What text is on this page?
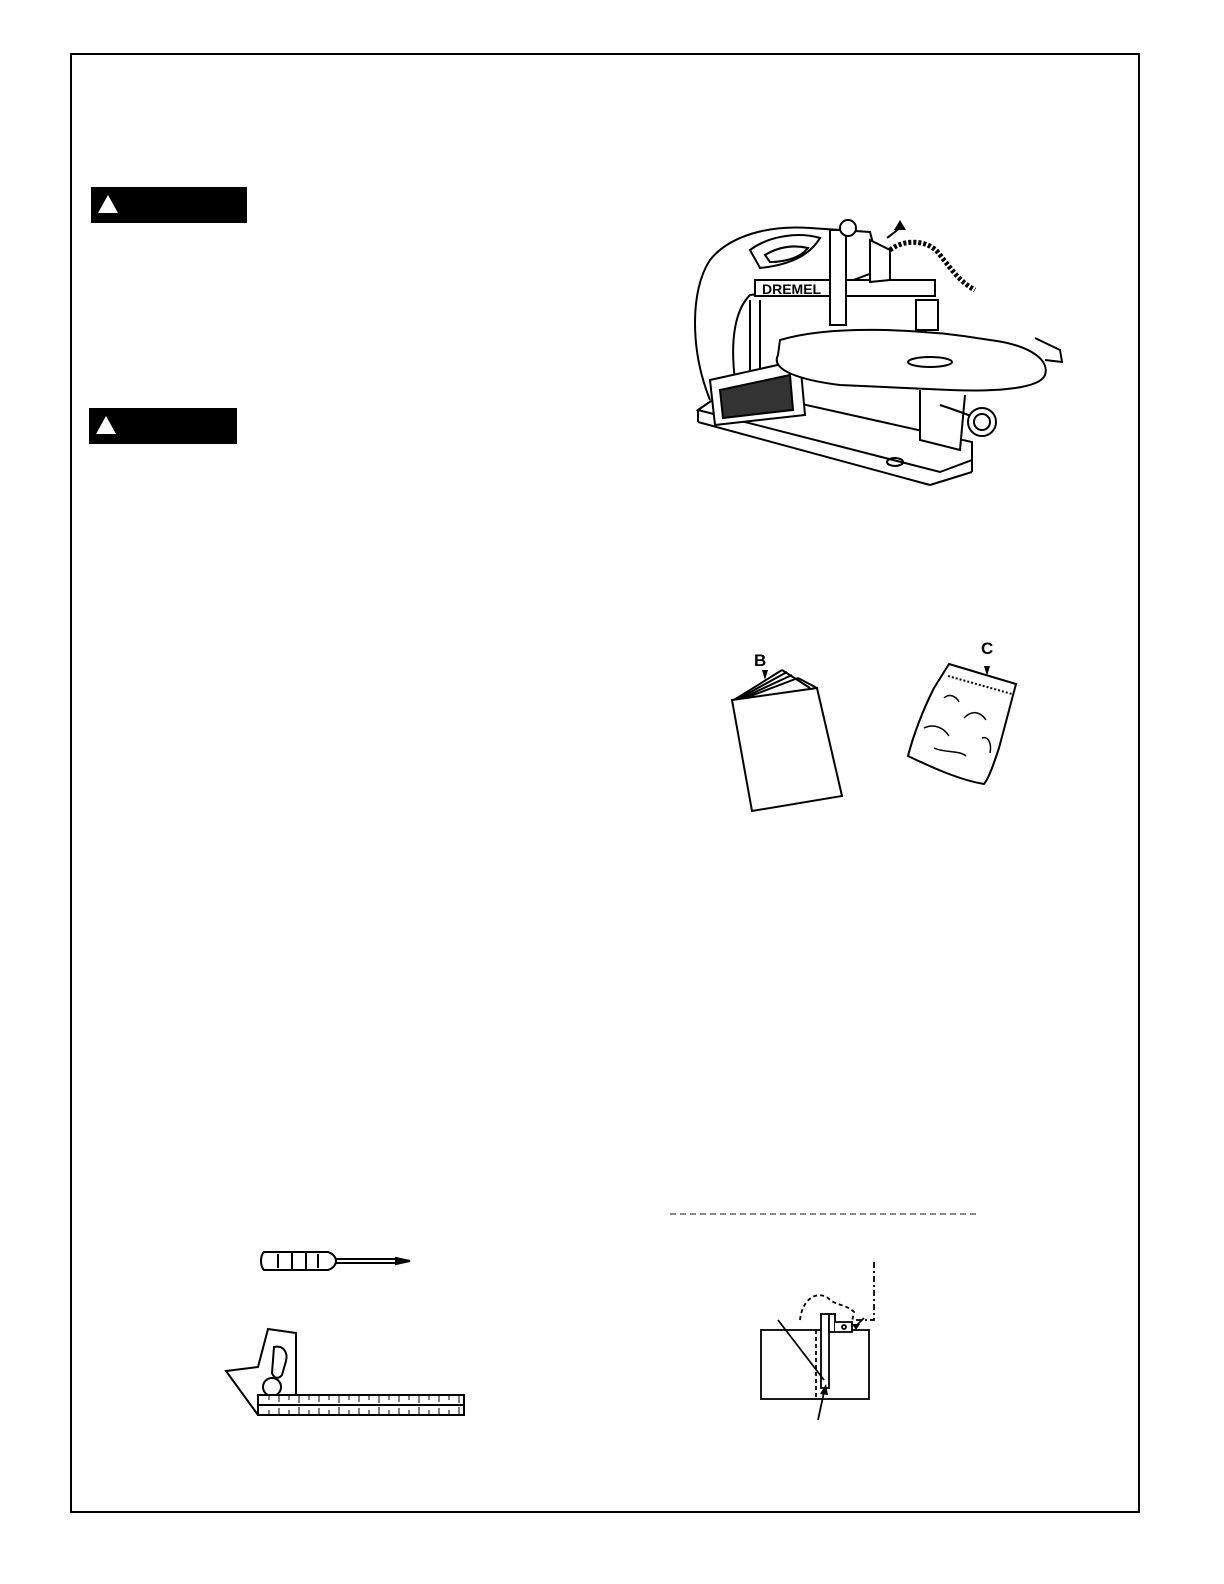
DREMEL
B
C
